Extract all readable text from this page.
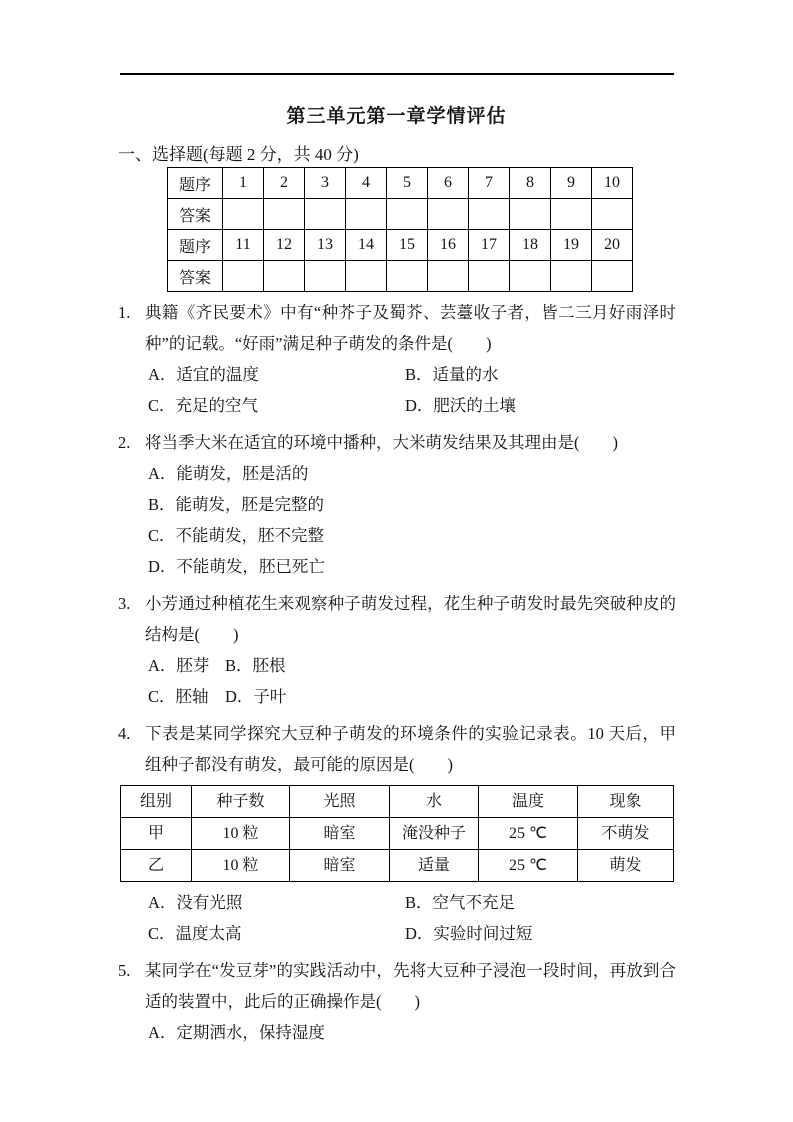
第三单元第一章学情评估
一、选择题(每题 2 分，共 40 分)
题序	1	2	3	4	5	6	7	8	9	10
答案										
题序	11	12	13	14	15	16	17	18	19	20
答案										
1. 典籍《齐民要术》中有“种芥子及蜀芥、芸薹收子者，皆二三月好雨泽时种”的记载。“好雨”满足种子萌发的条件是(　　)
A．适宜的温度	B．适量的水
C．充足的空气	D．肥沃的土壤
2. 将当季大米在适宜的环境中播种，大米萌发结果及其理由是(　　)
A．能萌发，胚是活的
B．能萌发，胚是完整的
C．不能萌发，胚不完整
D．不能萌发，胚已死亡
3. 小芳通过种植花生来观察种子萌发过程，花生种子萌发时最先突破种皮的结构是(　　)
A．胚芽 B．胚根
C．胚轴 D．子叶
4. 下表是某同学探究大豆种子萌发的环境条件的实验记录表。10 天后，甲组种子都没有萌发，最可能的原因是(　　)
组别	种子数	光照	水	温度	现象
甲	10 粒	暗室	淹没种子	25 ℃	不萌发
乙	10 粒	暗室	适量	25 ℃	萌发
A．没有光照	B．空气不充足
C．温度太高	D．实验时间过短
5. 某同学在“发豆芽”的实践活动中，先将大豆种子浸泡一段时间，再放到合适的装置中，此后的正确操作是(　　)
A．定期洒水，保持湿度
